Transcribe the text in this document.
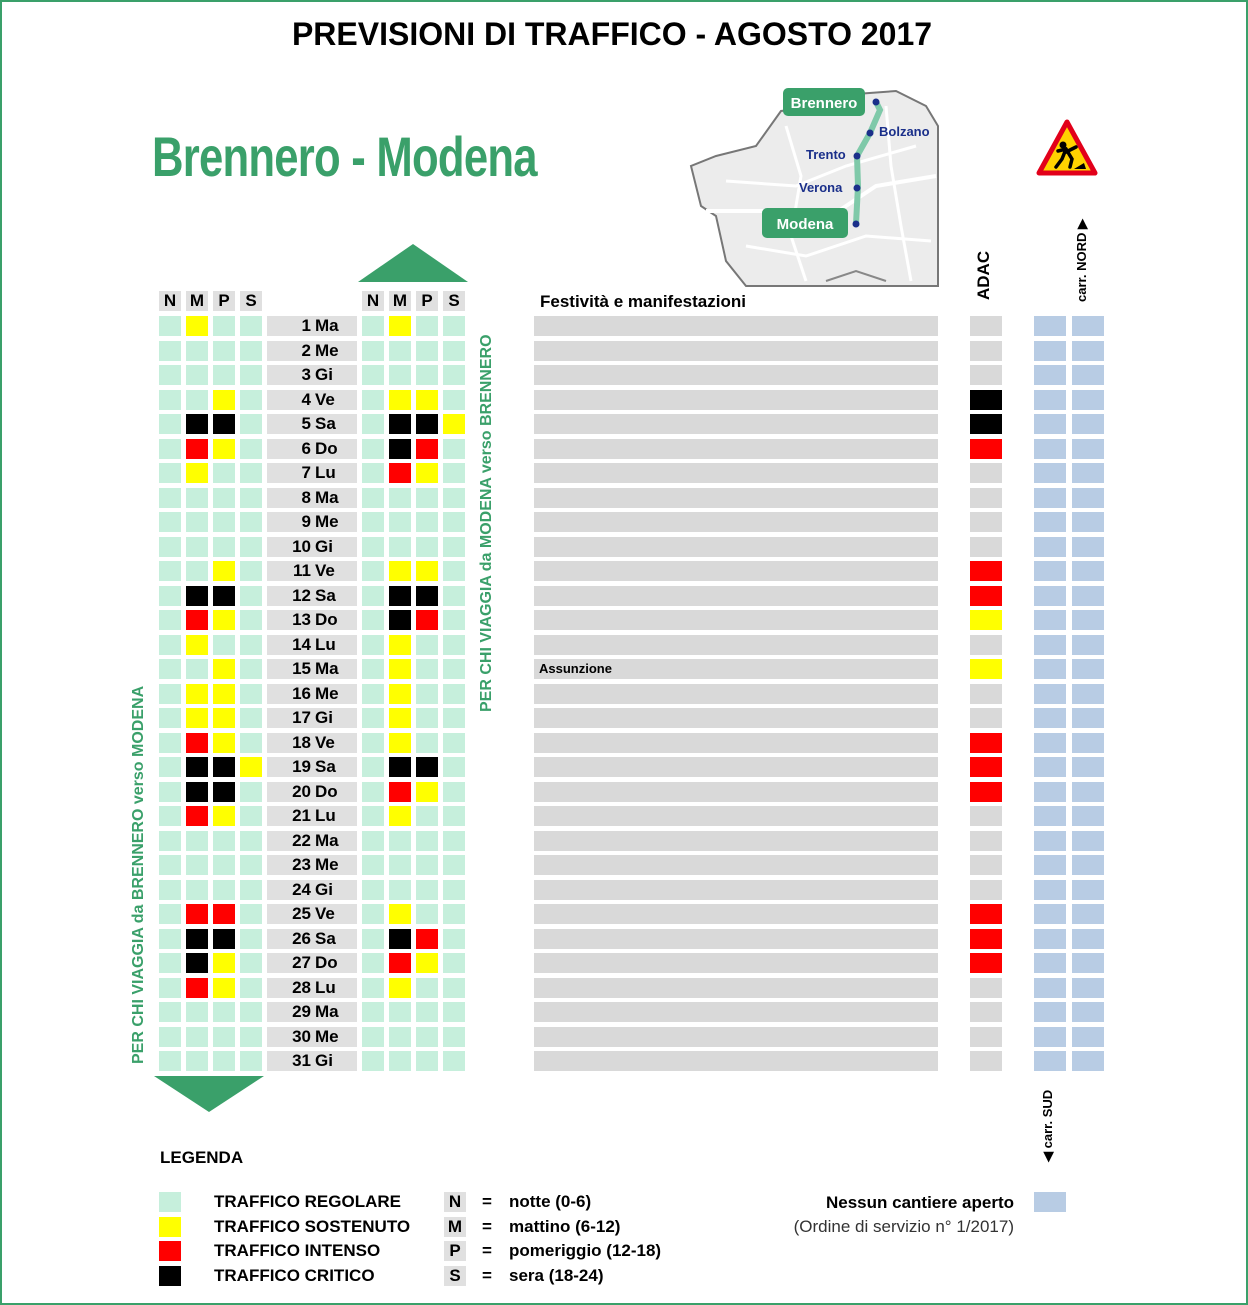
PREVISIONI DI TRAFFICO - AGOSTO 2017
Brennero - Modena
Brennero
Bolzano
Trento
Verona
Modena
Festività e manifestazioni
ADAC	carr. NORD ▶
◀ carr. SUD
PER CHI VIAGGIA da BRENNERO verso MODENA
PER CHI VIAGGIA da MODENA verso BRENNERO
LEGENDA
Nessun cantiere aperto
(Ordine di servizio n° 1/2017)
N M P S	N M P S
1 Ma
2 Me
3 Gi
4 Ve
5 Sa
6 Do
7 Lu
8 Ma
9 Me
10 Gi
11 Ve
12 Sa
13 Do
14 Lu
15 Ma	Assunzione
16 Me
17 Gi
18 Ve
19 Sa
20 Do
21 Lu
22 Ma
23 Me
24 Gi
25 Ve
26 Sa
27 Do
28 Lu
29 Ma
30 Me
31 Gi
TRAFFICO REGOLARE
TRAFFICO SOSTENUTO
TRAFFICO INTENSO
TRAFFICO CRITICO
N = notte (0-6)
M = mattino (6-12)
P	= pomeriggio (12-18)
S	= sera (18-24)
